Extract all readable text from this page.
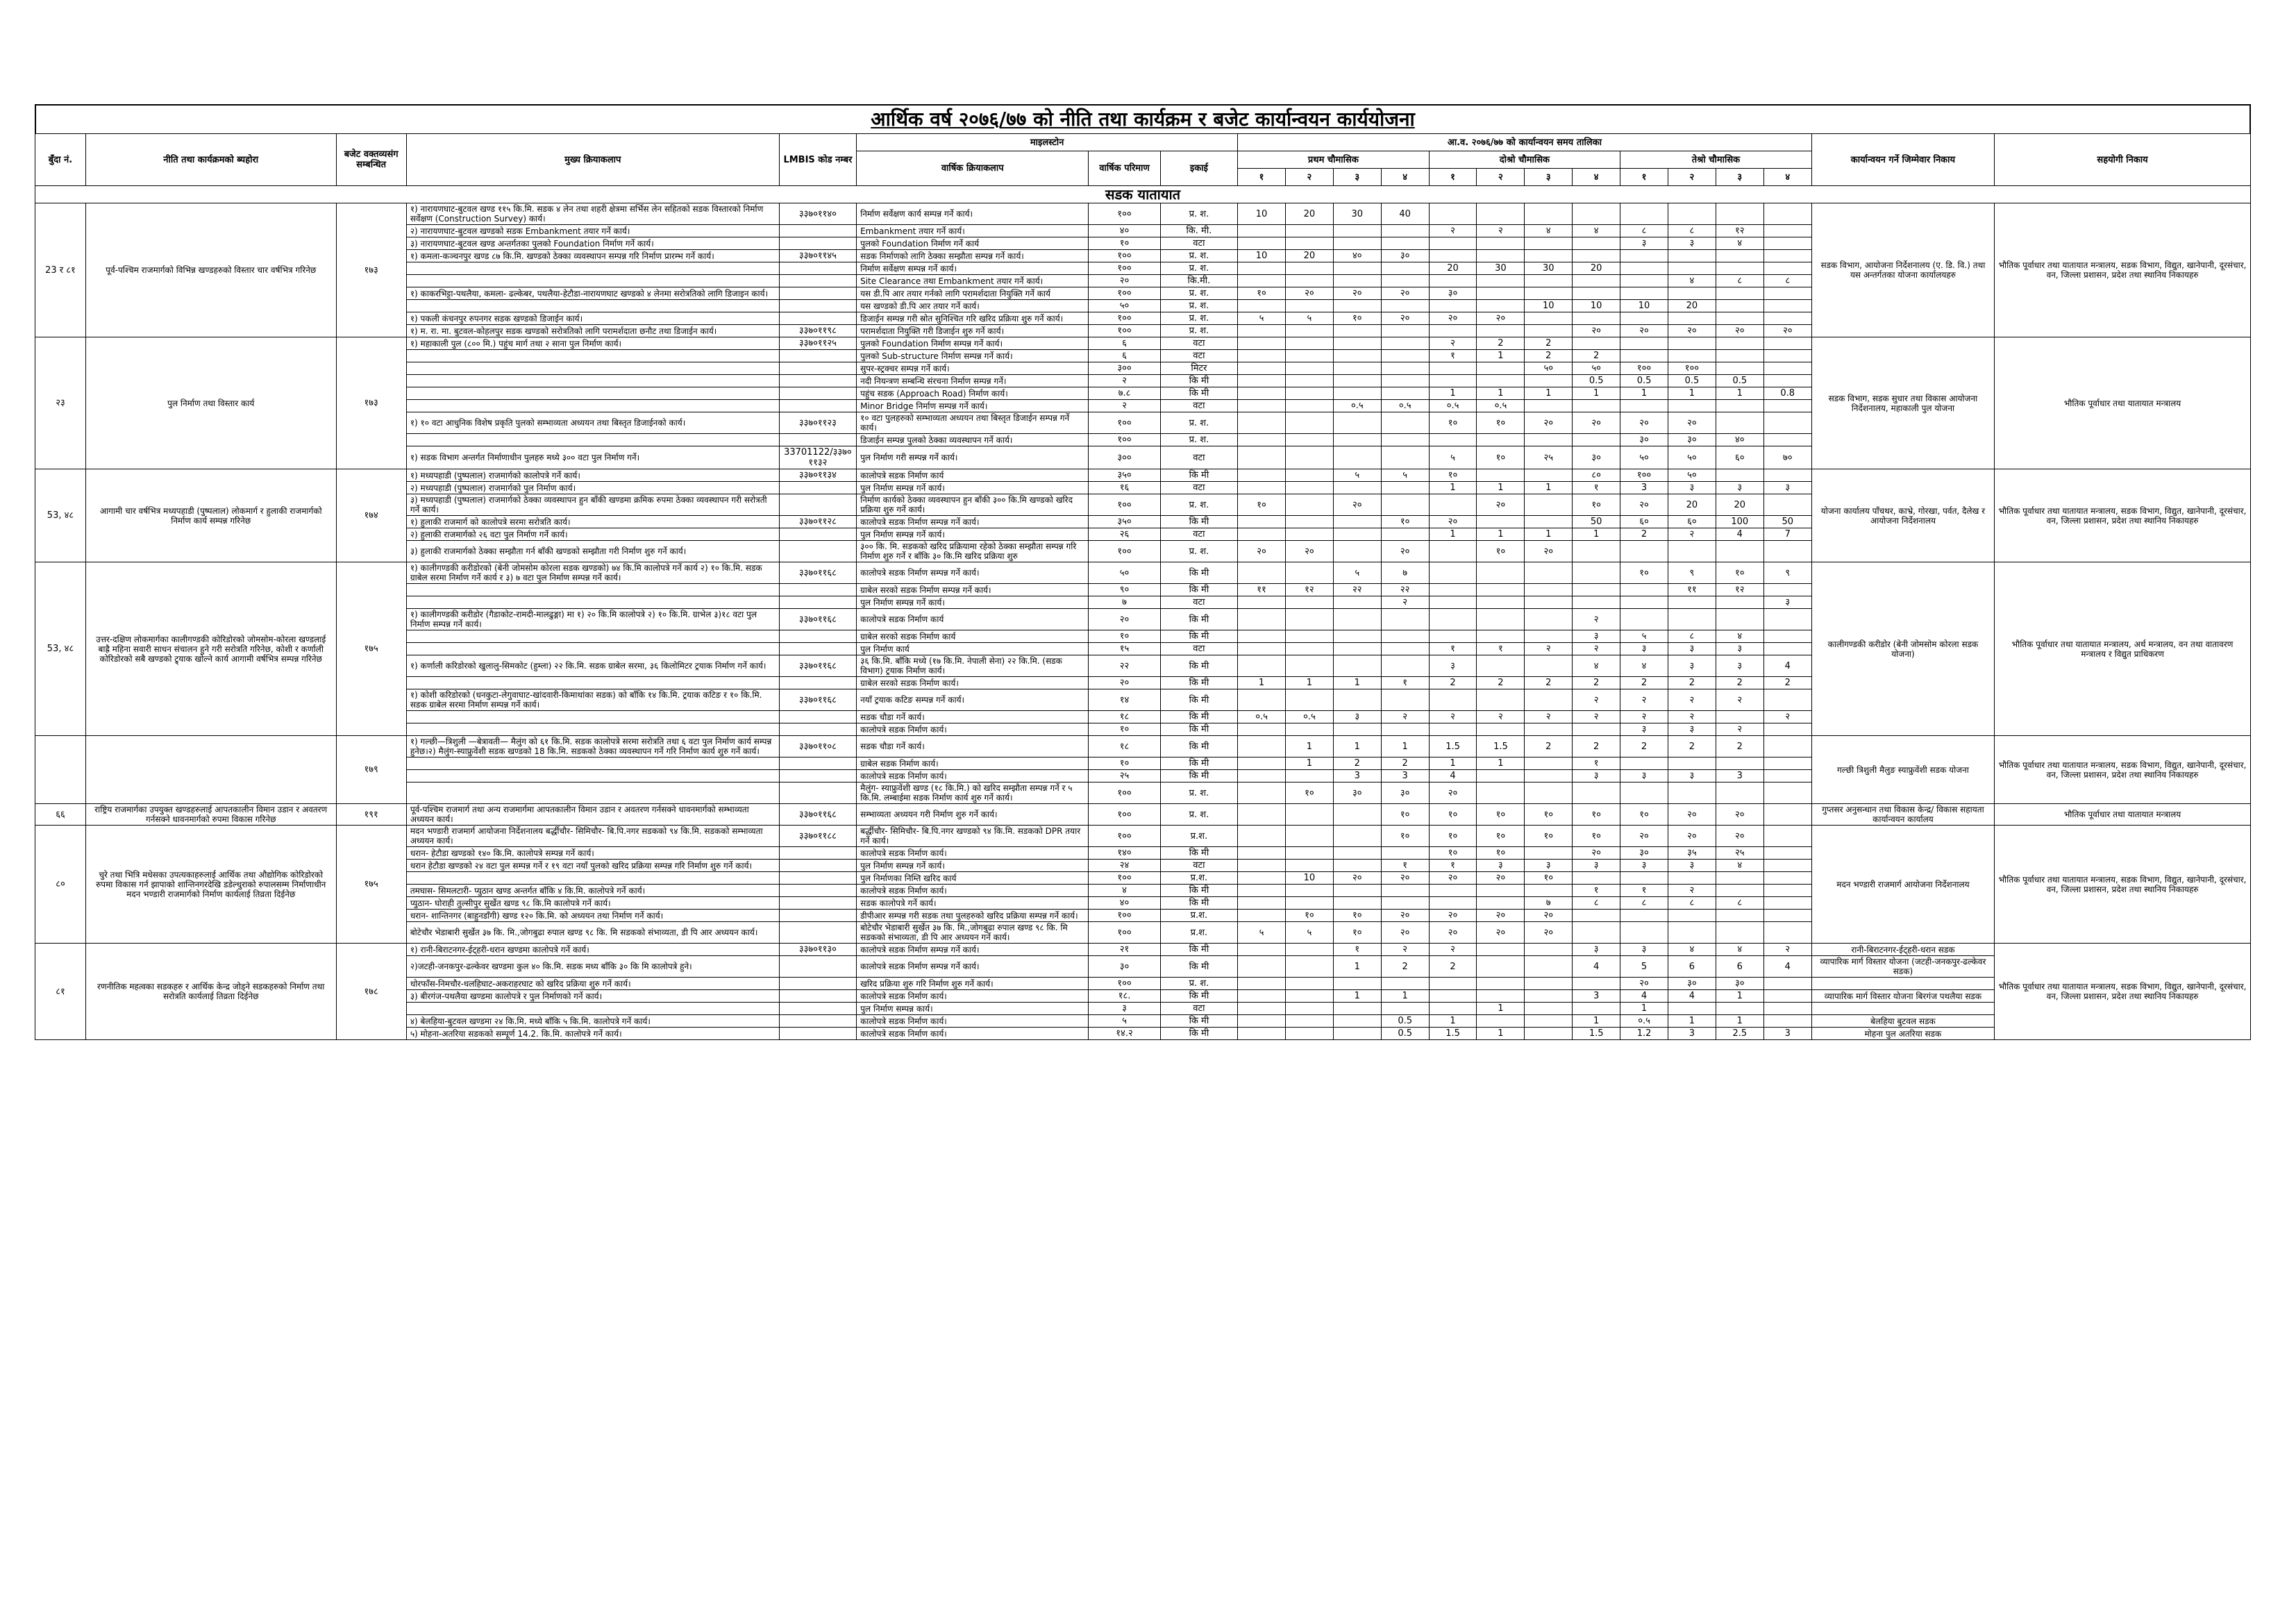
आर्थिक वर्ष २०७६/७७ को नीति तथा कार्यक्रम र बजेट कार्यान्वयन कार्ययोजना
बुँदा नं.	नीति तथा कार्यक्रमको ब्यहोरा	बजेट वक्तव्यसंग सम्बन्धित	मुख्य क्रियाकलाप	LMBIS कोड नम्बर	माइलस्टोन			आ.व. २०७६/७७ को कार्यान्वयन समय तालिका												कार्यान्वयन गर्ने जिम्मेवार निकाय	सहयोगी निकाय
					वार्षिक क्रियाकलाप	वार्षिक परिमाण	इकाई	प्रथम चौमासिक				दोश्रो चौमासिक				तेश्रो चौमासिक					
								१	२	३	४	१	२	३	४	१	२	३	४		
सडक यातायात																					
23 र ८१	पूर्व-पश्चिम राजमार्गको विभिन्न खण्डहरुको विस्तार चार वर्षभित्र गरिनेछ	१७३	१) नारायणघाट-बुटवल खण्ड ११५ कि.मि. सडक ४ लेन तथा शहरी क्षेत्रमा सर्भिस लेन सहितको सडक विस्तारको निर्माण सर्वेक्षण (Construction Survey) कार्य।	३३७०११४०	निर्माण सर्वेक्षण कार्य सम्पन्न गर्ने कार्य।	१००	प्र. श.	10	20	30	40									सडक विभाग, आयोजना निर्देशनालय (ए. डि. वि.) तथा यस अन्तर्गतका योजना कार्यालयहरु	भौतिक पूर्वाधार तथा यातायात मन्त्रालय, सडक विभाग, विद्युत, खानेपानी, दूरसंचार, वन, जिल्ला प्रशासन, प्रदेश तथा स्थानिय निकायहरु
			२) नारायणघाट-बुटवल खण्डको सडक Embankment तयार गर्ने कार्य।		Embankment तयार गर्ने कार्य।	४०	कि. मी.					२	२	४	४	८	८	१२			
			३) नारायणघाट-बुटवल खण्ड अन्तर्गतका पुलको Foundation निर्माण गर्ने कार्य।		पुलको Foundation निर्माण गर्ने कार्य	१०	वटा									३	३	४			
			१) कमला-कञ्चनपुर खण्ड ८७ कि.मि. खण्डको ठेक्का व्यवस्थापन सम्पन्न गरि निर्माण प्रारम्भ गर्ने कार्य।	३३७०११४५	सडक निर्माणको लागि ठेक्का सम्झौता सम्पन्न गर्ने कार्य।	१००	प्र. श.	10	20	४०	३०										
					निर्माण सर्वेक्षण सम्पन्न गर्ने कार्य।	१००	प्र. श.					20	30	30	20						
					Site Clearance तथा Embankment तयार गर्ने कार्य।	२०	कि.मी.										४	८	८		
			१) काकरभिट्टा-पथलैया, कमला- ढल्केबर, पथलैया-हेटौडा-नारायणघाट खण्डको ४ लेनमा सरोत्रतिको लागि डिजाइन कार्य।		यस डी.पि आर तयार गर्नको लागि परामर्शदाता नियुक्ति गर्ने कार्य	१००	प्र. श.	१०	२०	२०	२०	३०									
					यस खण्डको डी.पि आर तयार गर्ने कार्य।	५०	प्र. श.							10	10	10	20				
			१) पकली कंचनपुर रुपनगर सडक खण्डको डिजाईन कार्य।		डिजाईन सम्पन्न गरी स्रोत सुनिश्चित गरि खरिद प्रक्रिया शुरु गर्ने कार्य।	१००	प्र. श.	५	५	१०	२०	२०	२०								
			१) म. रा. मा. बुटवल-कोहलपुर सडक खण्डको सरोत्रतिको लागि परामर्शदाता छनौट तथा डिजाईन कार्य।	३३७०११९८	परामर्शदाता नियुक्ति गरी डिजाईन शुरु गर्ने कार्य।	१००	प्र. श.								२०	२०	२०	२०	२०		
२३	पुल निर्माण तथा विस्तार कार्य	१७३	१) महाकाली पुल (८०० मि.) पहुंच मार्ग तथा २ साना पुल निर्माण कार्य।	३३७०११२५	पुलको Foundation निर्माण सम्पन्न गर्ने कार्य।	६	वटा					२	2	2						सडक विभाग, सडक सुधार तथा विकास आयोजना निर्देशनालय, महाकाली पुल योजना	भौतिक पूर्वाधार तथा यातायात मन्त्रालय
					पुलको Sub-structure निर्माण सम्पन्न गर्ने कार्य।	६	वटा					१	1	2	2						
					सुपर-स्ट्रक्चर सम्पन्न गर्ने कार्य।	३००	मिटर							५०	५०	१००	१००				
					नदी नियन्त्रण सम्बन्धि संरचना निर्माण सम्पन्न गर्ने।	२	कि मी								0.5	0.5	0.5	0.5			
					पहुंच सडक (Approach Road) निर्माण कार्य।	७.८	कि मी					1	1	1	1	1	1	1	0.8		
					Minor Bridge निर्माण सम्पन्न गर्ने कार्य।	२	वटा			०.५	०.५	०.५	०.५								
			१) १० वटा आधुनिक विशेष प्रकृति पुलको सम्भाव्यता अध्ययन तथा बिस्तृत डिजाईनको कार्य।	३३७०११२३	१० वटा पुलहरुको सम्भाव्यता अध्ययन तथा बिस्तृत डिजाईन सम्पन्न गर्ने कार्य।	१००	प्र. श.					१०	१०	२०	२०	२०	२०				
					डिजाईन सम्पन्न पुलको ठेक्का व्यवस्थापन गर्ने कार्य।	१००	प्र. श.									३०	३०	४०			
			१) सडक विभाग अन्तर्गत निर्माणाधीन पुलहरु मध्ये ३०० वटा पुल निर्माण गर्ने।	33701122/३३७०११३२	पुल निर्माण गरी सम्पन्न गर्ने कार्य।	३००	वटा					५	१०	२५	३०	५०	५०	६०	७०		
53, ४८	आगामी चार वर्षभित्र मध्यपहाडी (पुष्पलाल) लोकमार्ग र हुलाकी राजमार्गको निर्माण कार्य सम्पन्न गरिनेछ	१७४	१) मध्यपहाडी (पुष्पलाल) राजमार्गको कालोपत्रे गर्ने कार्य।	३३७०११३४	कालोपत्रे सडक निर्माण कार्य	३५०	कि मी			५	५	१०			८०	१००	५०			योजना कार्यालय पाँचथर, काभ्रे, गोरखा, पर्वत, दैलेख र आयोजना निर्देशनालय	भौतिक पूर्वाधार तथा यातायात मन्त्रालय, सडक विभाग, विद्युत, खानेपानी, दूरसंचार, वन, जिल्ला प्रशासन, प्रदेश तथा स्थानिय निकायहरु
			२) मध्यपहाडी (पुष्पलाल) राजमार्गको पुल निर्माण कार्य।		पुल निर्माण सम्पन्न गर्ने कार्य।	१६	वटा					1	1	1	१	3	३	३	३		
			३) मध्यपहाडी (पुष्पलाल) राजमार्गको ठेक्का व्यवस्थापन हुन बाँकी खण्डमा क्रमिक रुपमा ठेक्का व्यवस्थापन गरी सरोत्रती गर्ने कार्य।		निर्माण कार्यको ठेक्का व्यवस्थापन हुन बाँकी ३०० कि.मि खण्डको खरिद प्रक्रिया शुरु गर्ने कार्य।	१००	प्र. श.	१०		२०			२०		१०	२०	20	20			
			१) हुलाकी राजमार्ग को कालोपत्रे सरमा सरोत्रति कार्य।	३३७०११२८	कालोपत्रे सडक निर्माण सम्पन्न गर्ने कार्य।	३५०	कि मी				१०	२०			50	६०	६०	100	50		
			२) हुलाकी राजमार्गको २६ वटा पुल निर्माण गर्ने कार्य।		पुल निर्माण सम्पन्न गर्ने कार्य।	२६	वटा					1	1	1	1	2	२	4	7		
			३) हुलाकी राजमार्गको ठेक्का सम्झौता गर्न बाँकी खण्डको सम्झौता गरी निर्माण शुरु गर्ने कार्य।		३०० कि. मि. सडकको खरिद प्रक्रियामा रहेको ठेक्का सम्झौता सम्पन्न गरि निर्माण शुरु गर्ने र बाँकि ३० कि.मि खरिद प्रक्रिया शुरु	१००	प्र. श.	२०	२०		२०		१०	२०							
53, ४८	उत्तर-दक्षिण लोकमार्गका कालीगण्डकी कोरिडोरको जोमसोम-कोरला खण्डलाई बाह्रै महिना सवारी साधन संचालन हुने गरी सरोत्रति गरिनेछ, कोशी र कर्णाली कोरिडोरको सबै खण्डको ट्र्याक खोल्ने कार्य आगामी वर्षभित्र सम्पन्न गरिनेछ	१७५	१) कालीगण्डकी करीडोरको (बेनी जोमसोम कोरला सडक खण्डको) ७४ कि.मि कालोपत्रे गर्ने कार्य २) १० कि.मि. सडक ग्राबेल सरमा निर्माण गर्ने कार्य र ३) ७ वटा पुल निर्माण सम्पन्न गर्ने कार्य।	३३७०११६८	कालोपत्रे सडक निर्माण सम्पन्न गर्ने कार्य।	५०	कि मी			५	७					१०	९	१०	९	कालीगण्डकी करीडोर (बेनी जोमसोम कोरला सडक योजना)	भौतिक पूर्वाधार तथा यातायात मन्त्रालय, अर्थ मन्त्रालय, वन तथा वातावरण मन्त्रालय र विद्युत प्राधिकरण
					ग्राबेल सरको सडक निर्माण सम्पन्न गर्ने कार्य।	९०	कि मी	११	१२	२२	२२						११	१२			
					पुल निर्माण सम्पन्न गर्ने कार्य।	७	वटा				२								३		
			१) कालीगण्डकी करीडोर (गैडाकोट-रामदी-मालढुङ्गा) मा १) २० कि.मि कालोपत्रे २) १० कि.मि. ग्राभेल ३)१८ वटा पुल निर्माण सम्पन्न गर्ने कार्य।	३३७०११६८	कालोपत्रे सडक निर्माण कार्य	२०	कि मी								२						
					ग्राबेल सरको सडक निर्माण कार्य	१०	कि मी								३	५	८	४			
					पुल निर्माण कार्य	१५	वटा					१	१	२	२	३	३	३			
			१) कर्णाली करिडोरको खुलालु-सिमकोट (हुम्ला) २२ कि.मि. सडक ग्राबेल सरमा, ३६ किलोमिटर ट्रयाक निर्माण गर्ने कार्य।	३३७०११६८	३६ कि.मि. बाँकि मध्ये (१७ कि.मि. नेपाली सेना) २२ कि.मि. (सडक विभाग) ट्रयाक निर्माण कार्य।	२२	कि मी					३			४	४	३	३	4		
					ग्राबेल सरको सडक निर्माण कार्य।	२०	कि मी	1	1	1	१	2	2	2	2	2	2	2	2		
			१) कोशी करिडोरको (धनकुटा-लेगुवाघाट-खांदवारी-किमाथांका सडक) को बाँकि १४ कि.मि. ट्रयाक कटिङ र १० कि.मि. सडक ग्राबेल सरमा निर्माण सम्पन्न गर्ने कार्य।	३३७०११६८	नयाँ ट्रयाक कटिङ सम्पन्न गर्ने कार्य।	१४	कि मी								२	२	२	२			
					सडक चौडा गर्ने कार्य।	१८	कि मी	०.५	०.५	३	२	२	२	२	२	२	२		२		
					कालोपत्रे सडक निर्माण कार्य।	१०	कि मी									३	३	२			
		१७९	१) गल्छी—त्रिशुली —बेत्रावती— मैलुंग को ६१ कि.मि. सडक कालोपत्रे सरमा सरोत्रति तथा ६ वटा पुल निर्माण कार्य सम्पन्न हुनेछ।२) मैलुंग-स्याफ्रुवेंशी सडक खण्डको 18 कि.मि. सडकको ठेक्का व्यवस्थापन गर्ने गरि निर्माण कार्य शुरु गर्ने कार्य।	३३७०११०८	सडक चौडा गर्ने कार्य।	१८	कि मी		1	1	1	1.5	1.5	2	2	2	2	2		गल्छी त्रिशुली मैलुङ स्याफ्रुवेंशी सडक योजना	भौतिक पूर्वाधार तथा यातायात मन्त्रालय, सडक विभाग, विद्युत, खानेपानी, दूरसंचार, वन, जिल्ला प्रशासन, प्रदेश तथा स्थानिय निकायहरु
					ग्राबेल सडक निर्माण कार्य।	१०	कि मी		1	2	2	1	1		१						
					कालोपत्रे सडक निर्माण कार्य।	२५	कि मी			3	3	4			३	३	३	3			
					मैलुंग- स्याफ्रुवेंशी खण्ड (१८ कि.मि.) को खरिद सम्झौता सम्पन्न गर्ने र ५ कि.मि. लम्बाईमा सडक निर्माण कार्य शुरु गर्ने कार्य।	१००	प्र. श.		१०	३०	३०	२०									
६६	राष्ट्रिय राजमार्गका उपयुक्त खण्डहरुलाई आपतकालीन विमान उडान र अवतरण गर्नसक्ने धावनमार्गको रुपमा विकास गरिनेछ	१९१	पूर्व-पश्चिम राजमार्ग तथा अन्य राजमार्गमा आपतकालीन विमान उडान र अवतरण गर्नसक्ने धावनमार्गको सम्भाव्यता अध्ययन कार्य।	३३७०११६८	सम्भाव्यता अध्ययन गरी निर्माण शुरु गर्ने कार्य।	१००	प्र. श.				१०	१०	१०	१०	१०	१०	२०	२०		गुप्तसर अनुसन्धान तथा विकास केन्द्र/ विकास सहायता कार्यान्वयन कार्यालय	भौतिक पूर्वाधार तथा यातायात मन्त्रालय
८०	चुरे तथा भित्रि मधेसका उपत्यकाहरुलाई आर्थिक तथा औद्योगिक कोरिडोरको रुपमा विकास गर्न झापाको शान्तिनगरदेखि डडेल्धुराको रुपालसम्म निर्माणाधीन मदन भण्डारी राजमार्गको निर्माण कार्यलाई तिव्रता दिईनेछ	१७५	मदन भण्डारी राजमार्ग आयोजना निर्देशनालय बर्द्धीचौर- सिमिचौर- बि.पि.नगर सडकको ९४ कि.मि. सडकको सम्भाव्यता अध्ययन कार्य।	३३७०११८८	बर्द्धीचौर- सिमिचौर- बि.पि.नगर खण्डको ९४ कि.मि. सडकको DPR तयार गर्ने कार्य।	१००	प्र.श.				१०	१०	१०	१०	१०	२०	२०	२०		मदन भण्डारी राजमार्ग आयोजना निर्देशनालय	भौतिक पूर्वाधार तथा यातायात मन्त्रालय, सडक विभाग, विद्युत, खानेपानी, दूरसंचार, वन, जिल्ला प्रशासन, प्रदेश तथा स्थानिय निकायहरु
			धरान- हेटौडा खण्डको १४० कि.मि. कालोपत्रे सम्पन्न गर्ने कार्य।		कालोपत्रे सडक निर्माण कार्य।	१४०	कि मी					१०	१०		२०	३०	३५	२५			
			धरान हेटौडा खण्डको २४ वटा पुल सम्पन्न गर्ने र १९ वटा नयाँ पुलको खरिद प्रक्रिया सम्पन्न गरि निर्माण शुरु गर्ने कार्य।		पुल निर्माण सम्पन्न गर्ने कार्य।	२४	वटा				१	१	३	३	३	३	३	४			
					पुल निर्माणका निम्ति खरिद कार्य	१००	प्र.श.		10	२०	२०	२०	२०	१०							
			तमघास- सिमलटारी- प्युठान खण्ड अन्तर्गत बाँकि ४ कि.मि. कालोपत्रे गर्ने कार्य।		कालोपत्रे सडक निर्माण कार्य।	४	कि मी								१	१	२				
			प्युठान- घोराही तुल्सीपुर सुर्खेत खण्ड ९८ कि.मि कालोपत्रे गर्ने कार्य।		सडक कालोपत्रे गर्ने कार्य।	४०	कि मी							७	८	८	८	८			
			धरान- शान्तिनगर (बाहुनडाँगी) खण्ड १२० कि.मि. को अध्ययन तथा निर्माण गर्ने कार्य।		डीपीआर सम्पन्न गरी सडक तथा पुलहरुको खरिद प्रक्रिया सम्पन्न गर्ने कार्य।	१००	प्र.श.		१०	१०	२०	२०	२०	२०							
			बोटेचौर भेडाबारी सुर्खेत ३७ कि. मि.,जोगबुढा रुपाल खण्ड ९८ कि. मि सडकको संभाव्यता, डी पि आर अध्ययन कार्य।		बोटेचौर भेडाबारी सुर्खेत ३७ कि. मि.,जोगबुढा रुपाल खण्ड ९८ कि. मि सडकको संभाव्यता, डी पि आर अध्ययन गर्ने कार्य।	१००	प्र.श.	५	५	१०	२०	२०	२०	२०							
८१	रणनीतिक महत्वका सडकहरु र आर्थिक केन्द्र जोड्ने सडकहरुको निर्माण तथा सरोत्रति कार्यलाई तिव्रता दिईनेछ	१७८	१) रानी-बिराटनगर-ईट्हरी-धरान खण्डमा कालोपत्रे गर्ने कार्य।	३३७०११३०	कालोपत्रे सडक निर्माण सम्पन्न गर्ने कार्य।	२१	कि मी			१	२	२			३	३	४	४	२	रानी-बिराटनगर-ईट्हरी-धरान सडक	भौतिक पूर्वाधार तथा यातायात मन्त्रालय, सडक विभाग, विद्युत, खानेपानी, दूरसंचार, वन, जिल्ला प्रशासन, प्रदेश तथा स्थानिय निकायहरु
			२)जटही-जनकपुर-ढल्केवर खण्डमा कुल ४० कि.मि. सडक मध्य बाँकि ३० कि मि कालोपत्रे हुने।		कालोपत्रे सडक निर्माण सम्पन्न गर्ने कार्य।	३०	कि मी			1	2	2			4	5	6	6	4	व्यापारिक मार्ग विस्तार योजना (जटही-जनकपुर-ढल्केवर सडक)	
			धोरफाँस-निमचौर-धलहिघाट-अकराहरघाट को खरिद प्रक्रिया शुरु गर्ने कार्य।		खरिद प्रक्रिया शुरु गरि निर्माण शुरु गर्ने कार्य।	१००	प्र. श.									२०	३०	३०			
			३) बीरगंज-पथलैया खण्डमा कालोपत्रे र पुल निर्माणको गर्ने कार्य।		कालोपत्रे सडक निर्माण कार्य।	१८.	कि मी			1	1				3	4	4	1		व्यापारिक मार्ग विस्तार योजना बिरगंज पथलैया सडक	
					पुल निर्माण सम्पन्न कार्य।	३	वटा						1			1					
			४) बेलहिया-बुटवल खण्डमा २४ कि.मि. मध्ये बाँकि ५ कि.मि. कालोपत्रे गर्ने कार्य।		कालोपत्रे सडक निर्माण कार्य।	५	कि मी				0.5	1			1	०.५	1	1		बेलहिया बुटवल सडक	
			५) मोहना-अतरिया सडकको सम्पूर्ण 14.2. कि.मि. कालोपत्रे गर्ने कार्य।		कालोपत्रे सडक निर्माण कार्य।	१४.२	कि मी				0.5	1.5	1		1.5	1.2	3	2.5	3	मोहना पुल अतरिया सडक	
